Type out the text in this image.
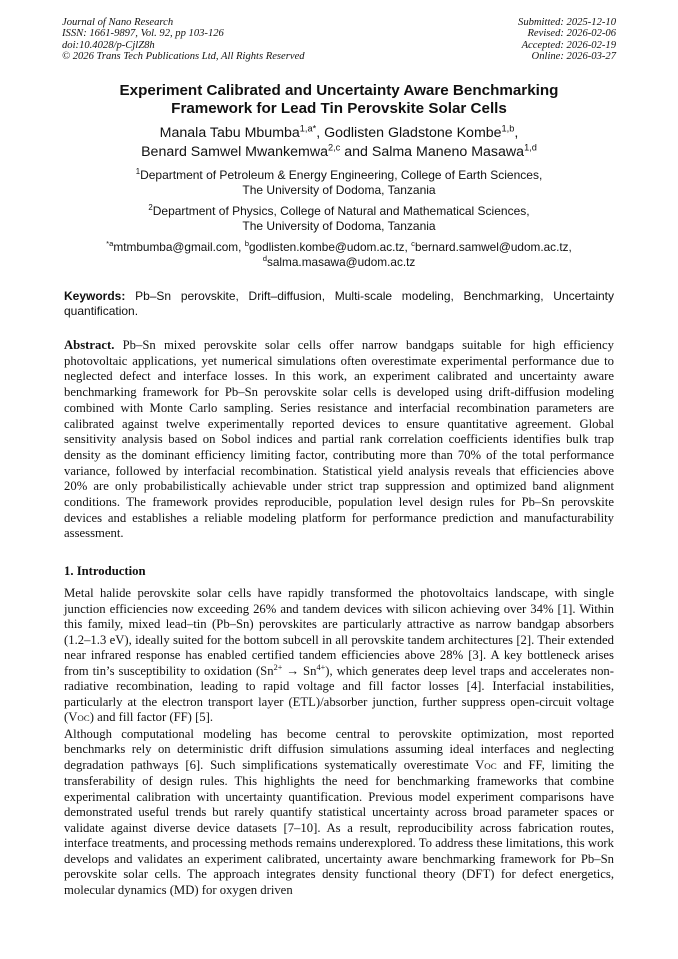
Journal of Nano Research
ISSN: 1661-9897, Vol. 92, pp 103-126
doi:10.4028/p-CjlZ8h
© 2026 Trans Tech Publications Ltd, All Rights Reserved
Submitted: 2025-12-10
Revised: 2026-02-06
Accepted: 2026-02-19
Online: 2026-03-27
Experiment Calibrated and Uncertainty Aware Benchmarking
Framework for Lead Tin Perovskite Solar Cells
Manala Tabu Mbumba$^{1,a*}$, Godlisten Gladstone Kombe$^{1,b}$,
Benard Samwel Mwankemwa$^{2,c}$ and Salma Maneno Masawa$^{1,d}$
$^1$Department of Petroleum & Energy Engineering, College of Earth Sciences,
The University of Dodoma, Tanzania
$^2$Department of Physics, College of Natural and Mathematical Sciences,
The University of Dodoma, Tanzania
$^{*a}$mtmbumba@gmail.com, $^b$godlisten.kombe@udom.ac.tz, $^c$bernard.samwel@udom.ac.tz,
$^d$salma.masawa@udom.ac.tz
Keywords: Pb–Sn perovskite, Drift–diffusion, Multi-scale modeling, Benchmarking, Uncertainty quantification.
Abstract. Pb–Sn mixed perovskite solar cells offer narrow bandgaps suitable for high efficiency photovoltaic applications, yet numerical simulations often overestimate experimental performance due to neglected defect and interface losses. In this work, an experiment calibrated and uncertainty aware benchmarking framework for Pb–Sn perovskite solar cells is developed using drift-diffusion modeling combined with Monte Carlo sampling. Series resistance and interfacial recombination parameters are calibrated against twelve experimentally reported devices to ensure quantitative agreement. Global sensitivity analysis based on Sobol indices and partial rank correlation coefficients identifies bulk trap density as the dominant efficiency limiting factor, contributing more than 70% of the total performance variance, followed by interfacial recombination. Statistical yield analysis reveals that efficiencies above 20% are only probabilistically achievable under strict trap suppression and optimized band alignment conditions. The framework provides reproducible, population level design rules for Pb–Sn perovskite devices and establishes a reliable modeling platform for performance prediction and manufacturability assessment.
1. Introduction

Metal halide perovskite solar cells have rapidly transformed the photovoltaics landscape, with single junction efficiencies now exceeding 26% and tandem devices with silicon achieving over 34% [1]. Within this family, mixed lead–tin (Pb–Sn) perovskites are particularly attractive as narrow bandgap absorbers (1.2–1.3 eV), ideally suited for the bottom subcell in all perovskite tandem architectures [2]. Their extended near infrared response has enabled certified tandem efficiencies above 28% [3]. A key bottleneck arises from tin’s susceptibility to oxidation $(Sn^{2+} \to Sn^{4+})$, which generates deep level traps and accelerates non-radiative recombination, leading to rapid voltage and fill factor losses [4]. Interfacial instabilities, particularly at the electron transport layer (ETL)/absorber junction, further suppress open-circuit voltage (VOC) and fill factor (FF) [5].

Although computational modeling has become central to perovskite optimization, most reported benchmarks rely on deterministic drift diffusion simulations assuming ideal interfaces and neglecting degradation pathways [6]. Such simplifications systematically overestimate VOC and FF, limiting the transferability of design rules. This highlights the need for benchmarking frameworks that combine experimental calibration with uncertainty quantification. Previous model experiment comparisons have demonstrated useful trends but rarely quantify statistical uncertainty across broad parameter spaces or validate against diverse device datasets [7–10]. As a result, reproducibility across fabrication routes, interface treatments, and processing methods remains underexplored. To address these limitations, this work develops and validates an experiment calibrated, uncertainty aware benchmarking framework for Pb–Sn perovskite solar cells. The approach integrates density functional theory (DFT) for defect energetics, molecular dynamics (MD) for oxygen driven
